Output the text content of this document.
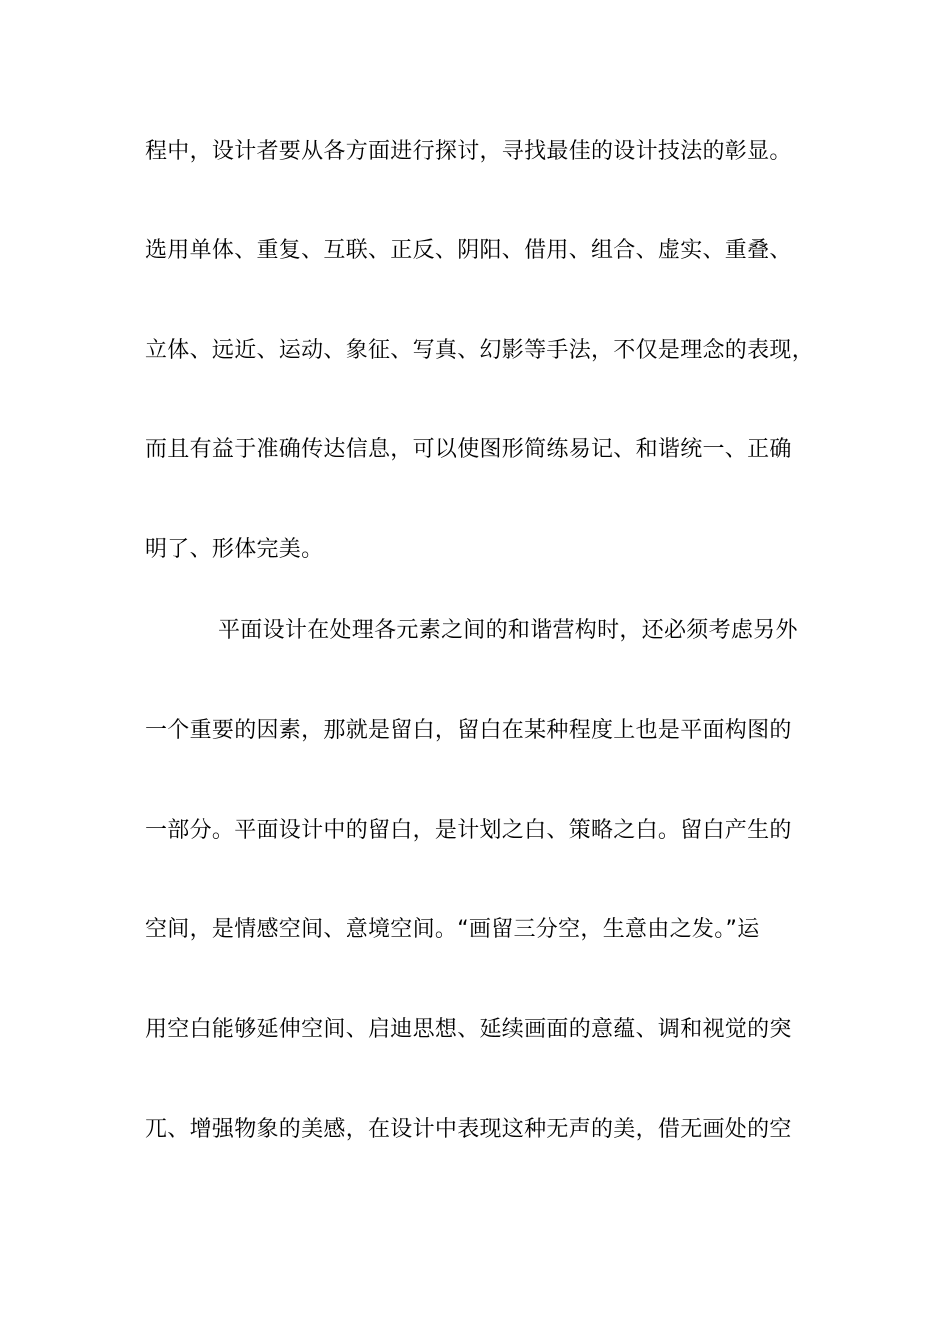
程中，设计者要从各方面进行探讨，寻找最佳的设计技法的彰显。
选用单体、重复、互联、正反、阴阳、借用、组合、虚实、重叠、
立体、远近、运动、象征、写真、幻影等手法，不仅是理念的表现，
而且有益于准确传达信息，可以使图形简练易记、和谐统一、正确
明了、形体完美。
平面设计在处理各元素之间的和谐营构时，还必须考虑另外
一个重要的因素，那就是留白，留白在某种程度上也是平面构图的
一部分。平面设计中的留白，是计划之白、策略之白。留白产生的
空间，是情感空间、意境空间。“画留三分空，生意由之发。”运
用空白能够延伸空间、启迪思想、延续画面的意蕴、调和视觉的突
兀、增强物象的美感，在设计中表现这种无声的美，借无画处的空
